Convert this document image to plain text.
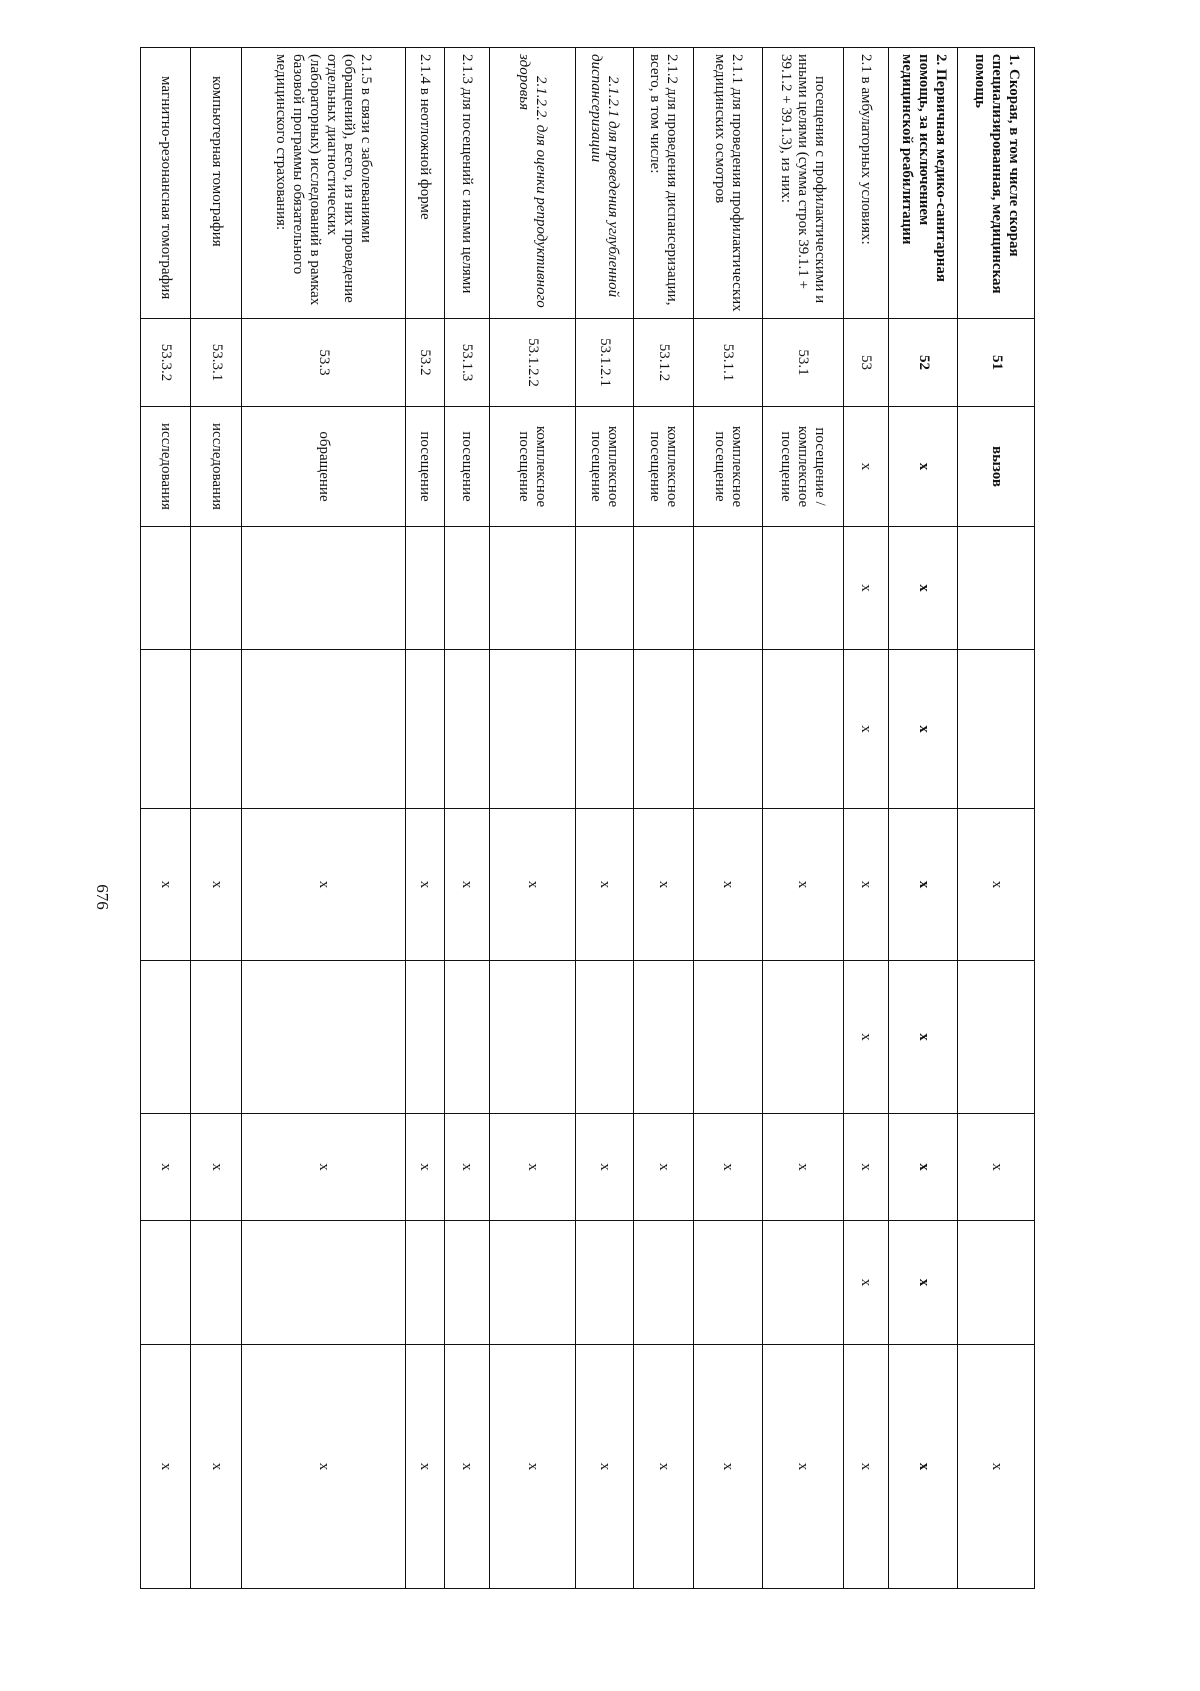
676
1. Скорая, в том числе скорая специализированная, медицинская помощь	51	вызов			x		x		x
2. Первичная медико-санитарная помощь, за исключением медицинской реабилитации	52	x	x	x	x	x	x	x	x
2.1 в амбулаторных условиях:	53	x	x	x	x	x	x	x	x
посещения с профилактическими и иными целями (сумма строк 39.1.1 + 39.1.2 + 39.1.3), из них:	53.1	посещение / комплексное посещение			x		x		x
2.1.1 для проведения профилактических медицинских осмотров	53.1.1	комплексное посещение			x		x		x
2.1.2 для проведения диспансеризации, всего, в том числе:	53.1.2	комплексное посещение			x		x		x
2.1.2.1 для проведения углубленной диспансеризации	53.1.2.1	комплексное посещение			x		x		x
2.1.2.2. для оценки репродуктивного здоровья	53.1.2.2	комплексное посещение			x		x		x
2.1.3 для посещений с иными целями	53.1.3	посещение			x		x		x
2.1.4 в неотложной форме	53.2	посещение			x		x		x
2.1.5 в связи с заболеваниями (обращений), всего, из них проведение отдельных диагностических (лабораторных) исследований в рамках базовой программы обязательного медицинского страхования:	53.3	обращение			x		x		x
компьютерная томография	53.3.1	исследования			x		x		x
магнитно-резонансная томография	53.3.2	исследования			x		x		x
